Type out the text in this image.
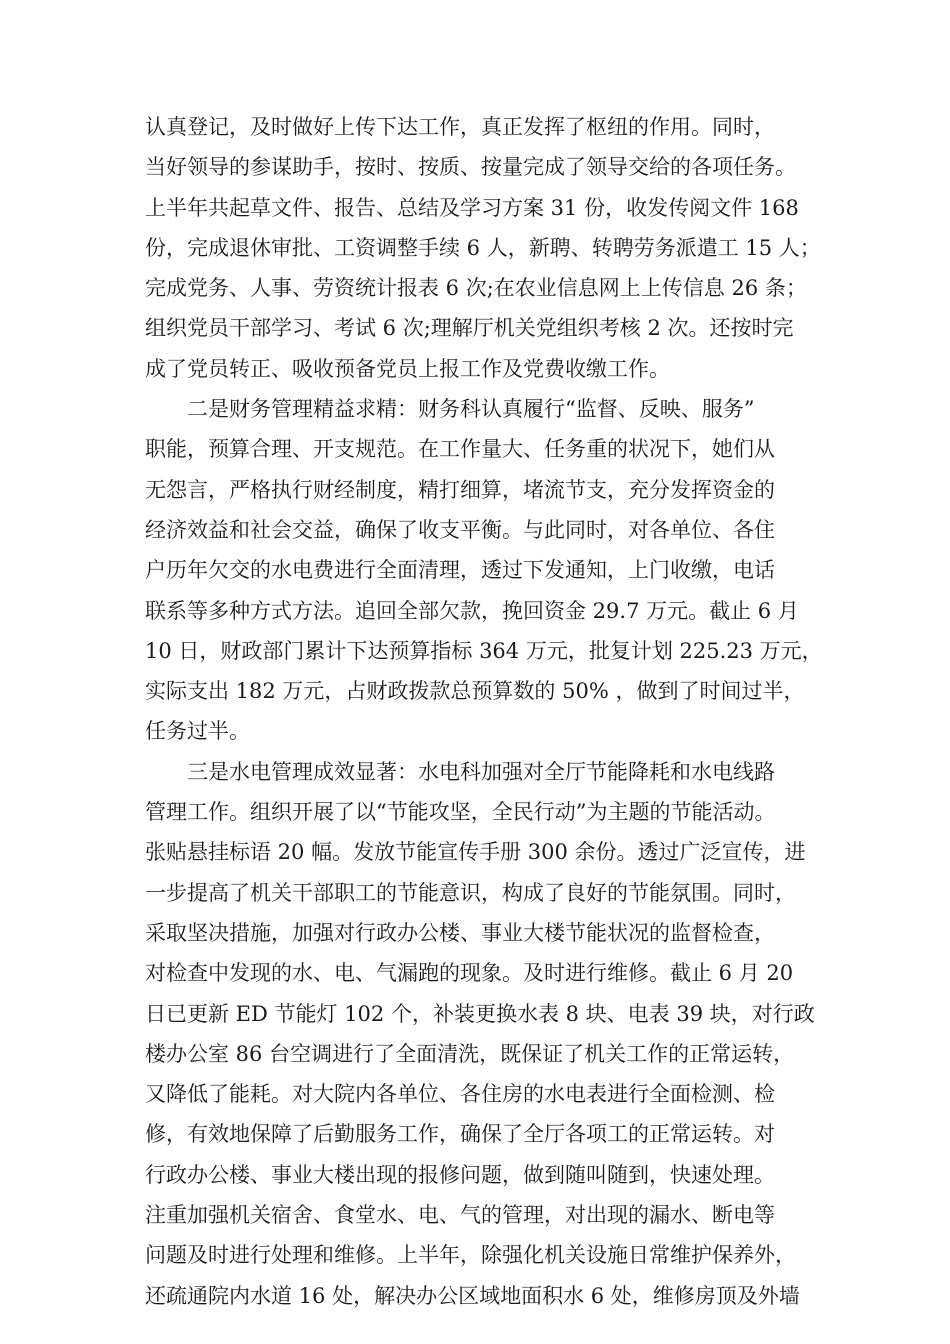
认真登记，及时做好上传下达工作，真正发挥了枢纽的作用。同时，
当好领导的参谋助手，按时、按质、按量完成了领导交给的各项任务。
上半年共起草文件、报告、总结及学习方案 31 份，收发传阅文件 168
份，完成退休审批、工资调整手续 6 人，新聘、转聘劳务派遣工 15 人；
完成党务、人事、劳资统计报表 6 次;在农业信息网上上传信息 26 条；
组织党员干部学习、考试 6 次;理解厅机关党组织考核 2 次。还按时完
成了党员转正、吸收预备党员上报工作及党费收缴工作。
二是财务管理精益求精：财务科认真履行“监督、反映、服务”
职能，预算合理、开支规范。在工作量大、任务重的状况下，她们从
无怨言，严格执行财经制度，精打细算，堵流节支，充分发挥资金的
经济效益和社会交益，确保了收支平衡。与此同时，对各单位、各住
户历年欠交的水电费进行全面清理，透过下发通知，上门收缴，电话
联系等多种方式方法。追回全部欠款，挽回资金 29.7 万元。截止 6 月
10 日，财政部门累计下达预算指标 364 万元，批复计划 225.23 万元，
实际支出 182 万元，占财政拨款总预算数的 50% ，做到了时间过半，
任务过半。
三是水电管理成效显著：水电科加强对全厅节能降耗和水电线路
管理工作。组织开展了以“节能攻坚，全民行动”为主题的节能活动。
张贴悬挂标语 20 幅。发放节能宣传手册 300 余份。透过广泛宣传，进
一步提高了机关干部职工的节能意识，构成了良好的节能氛围。同时，
采取坚决措施，加强对行政办公楼、事业大楼节能状况的监督检查，
对检查中发现的水、电、气漏跑的现象。及时进行维修。截止 6 月 20
日已更新 ED 节能灯 102 个，补装更换水表 8 块、电表 39 块，对行政
楼办公室 86 台空调进行了全面清洗，既保证了机关工作的正常运转，
又降低了能耗。对大院内各单位、各住房的水电表进行全面检测、检
修，有效地保障了后勤服务工作，确保了全厅各项工的正常运转。对
行政办公楼、事业大楼出现的报修问题，做到随叫随到，快速处理。
注重加强机关宿舍、食堂水、电、气的管理，对出现的漏水、断电等
问题及时进行处理和维修。上半年，除强化机关设施日常维护保养外，
还疏通院内水道 16 处，解决办公区域地面积水 6 处，维修房顶及外墙
